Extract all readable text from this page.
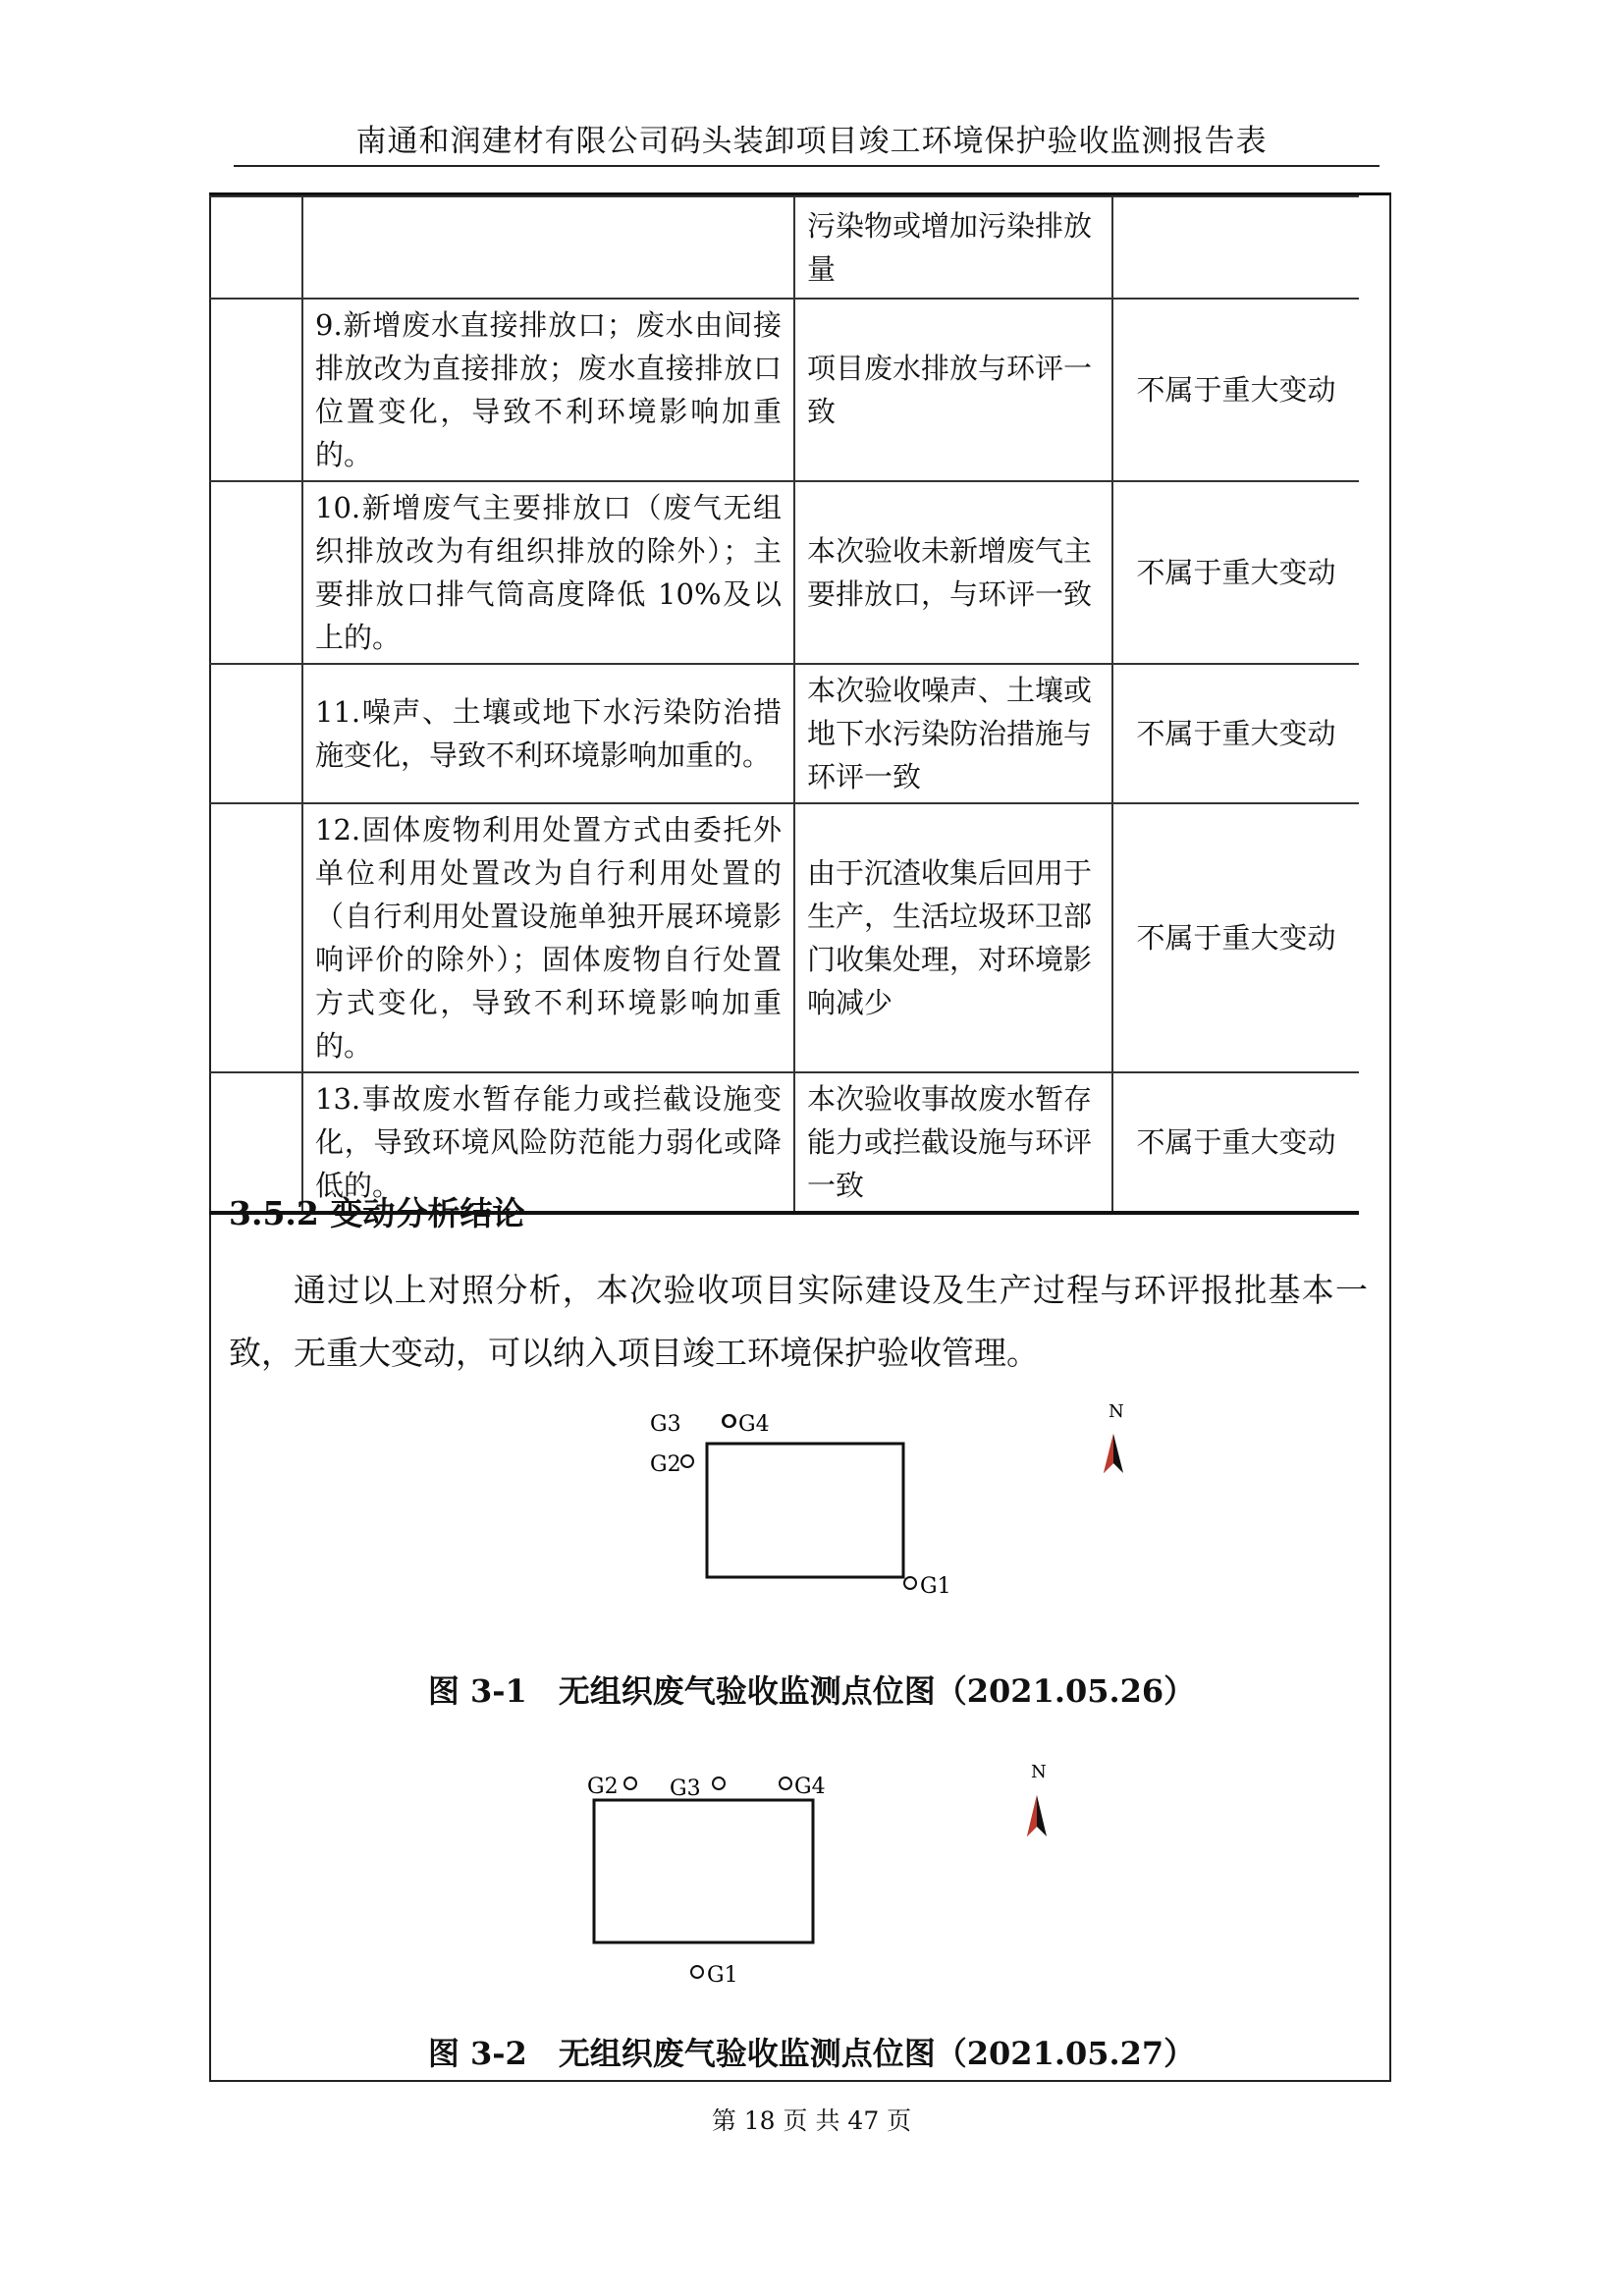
南通和润建材有限公司码头装卸项目竣工环境保护验收监测报告表
		污染物或增加污染排放量	
	9.新增废水直接排放口；废水由间接排放改为直接排放；废水直接排放口位置变化，导致不利环境影响加重的。	项目废水排放与环评一致	不属于重大变动
	10.新增废气主要排放口（废气无组织排放改为有组织排放的除外）；主要排放口排气筒高度降低 10%及以上的。	本次验收未新增废气主要排放口，与环评一致	不属于重大变动
	11.噪声、土壤或地下水污染防治措施变化，导致不利环境影响加重的。	本次验收噪声、土壤或地下水污染防治措施与环评一致	不属于重大变动
	12.固体废物利用处置方式由委托外单位利用处置改为自行利用处置的（自行利用处置设施单独开展环境影响评价的除外）；固体废物自行处置方式变化，导致不利环境影响加重的。	由于沉渣收集后回用于生产，生活垃圾环卫部门收集处理，对环境影响减少	不属于重大变动
	13.事故废水暂存能力或拦截设施变化，导致环境风险防范能力弱化或降低的。	本次验收事故废水暂存能力或拦截设施与环评一致	不属于重大变动
3.5.2 变动分析结论
通过以上对照分析，本次验收项目实际建设及生产过程与环评报批基本一致，无重大变动，可以纳入项目竣工环境保护验收管理。
G3
G2
G4
G1
N
图 3-1　无组织废气验收监测点位图（2021.05.26）
G2 G3	G4
G1
N
图 3-2　无组织废气验收监测点位图（2021.05.27）
第 18 页 共 47 页
